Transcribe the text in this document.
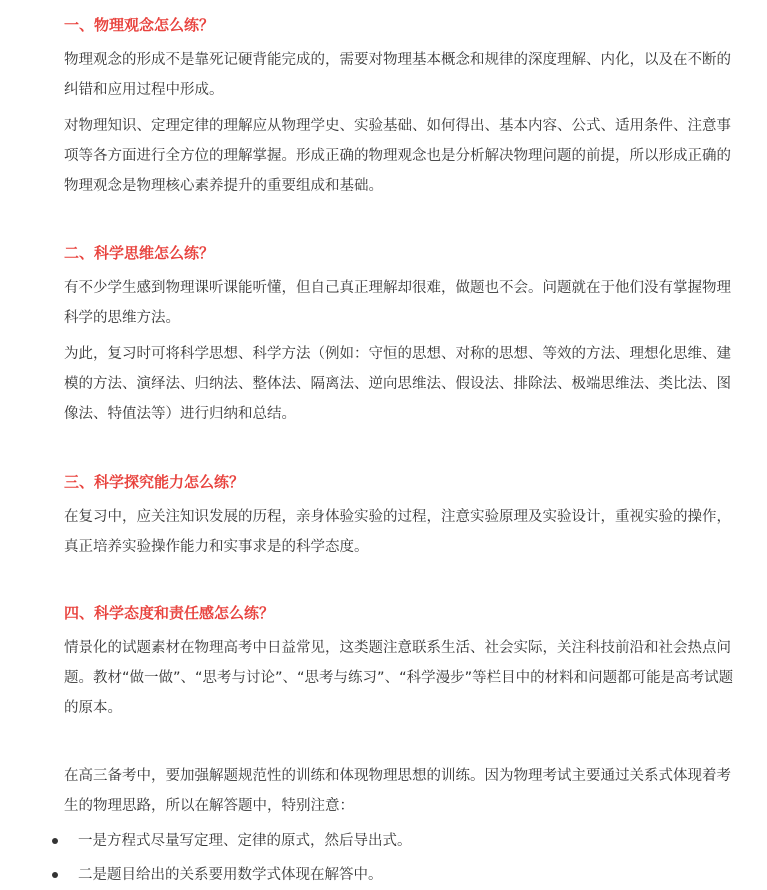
一、物理观念怎么练？
物理观念的形成不是靠死记硬背能完成的，需要对物理基本概念和规律的深度理解、内化，以及在不断的纠错和应用过程中形成。
对物理知识、定理定律的理解应从物理学史、实验基础、如何得出、基本内容、公式、适用条件、注意事项等各方面进行全方位的理解掌握。形成正确的物理观念也是分析解决物理问题的前提，所以形成正确的物理观念是物理核心素养提升的重要组成和基础。
二、科学思维怎么练？
有不少学生感到物理课听课能听懂，但自己真正理解却很难，做题也不会。问题就在于他们没有掌握物理科学的思维方法。
为此，复习时可将科学思想、科学方法（例如：守恒的思想、对称的思想、等效的方法、理想化思维、建模的方法、演绎法、归纳法、整体法、隔离法、逆向思维法、假设法、排除法、极端思维法、类比法、图像法、特值法等）进行归纳和总结。
三、科学探究能力怎么练？
在复习中，应关注知识发展的历程，亲身体验实验的过程，注意实验原理及实验设计，重视实验的操作，真正培养实验操作能力和实事求是的科学态度。
四、科学态度和责任感怎么练？
情景化的试题素材在物理高考中日益常见，这类题注意联系生活、社会实际，关注科技前沿和社会热点问题。教材“做一做”、“思考与讨论”、“思考与练习”、“科学漫步”等栏目中的材料和问题都可能是高考试题的原本。
在高三备考中，要加强解题规范性的训练和体现物理思想的训练。因为物理考试主要通过关系式体现着考生的物理思路，所以在解答题中，特别注意：
一是方程式尽量写定理、定律的原式，然后导出式。
二是题目给出的关系要用数学式体现在解答中。
